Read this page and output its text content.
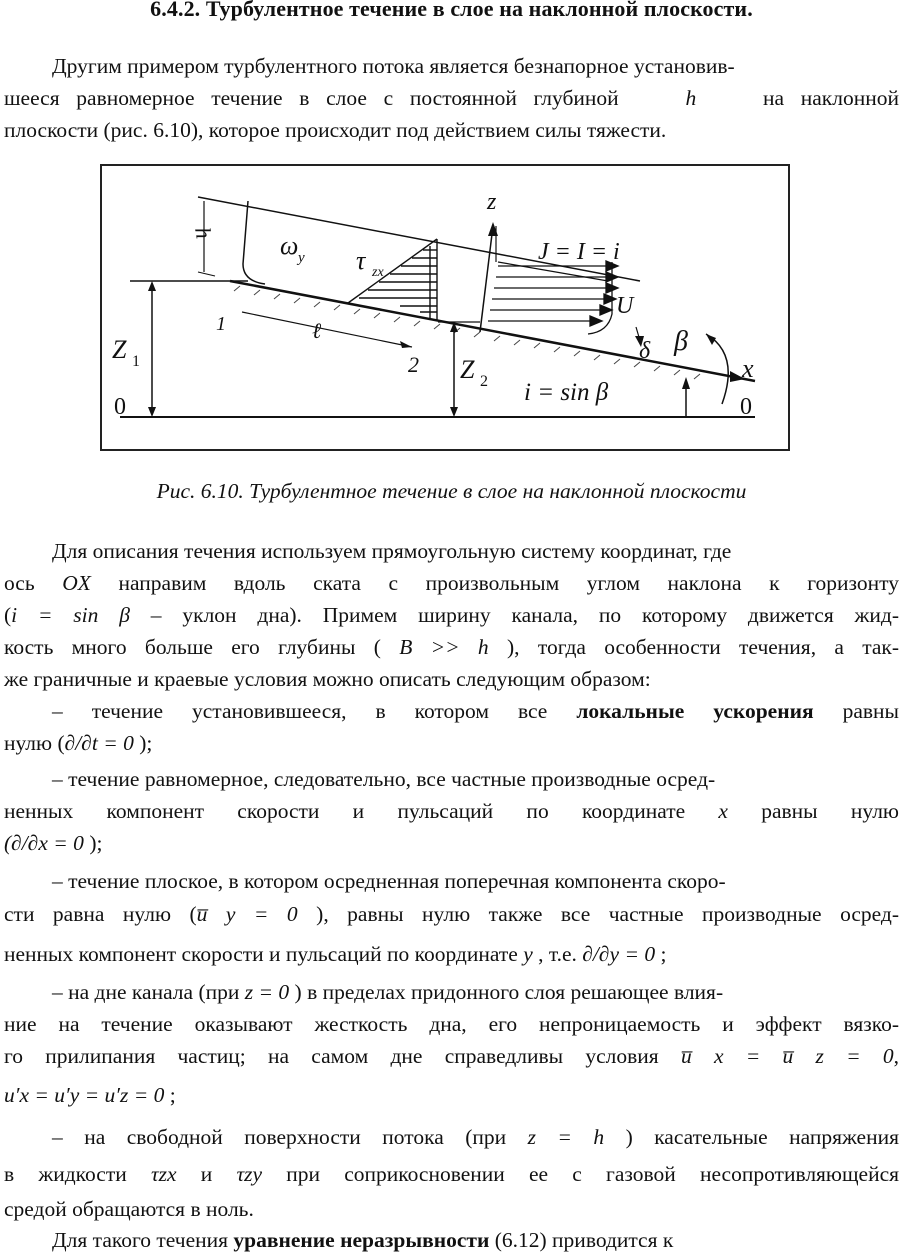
6.4.2. Турбулентное течение в слое на наклонной плоскости.

Другим примером турбулентного потока является безнапорное установив-

шееся равномерное течение в слое с постоянной глубиной	h	на наклонной

плоскости (рис. 6.10), которое происходит под действием силы тяжести.

z
ω y τ zx
h
J = I = i
U
δ β
x
0	0
Z 1	Z 2
1
2
ℓ
i = sin β
Рис. 6.10. Турбулентное течение в слое на наклонной плоскости

Для описания течения используем прямоугольную систему координат, где

ось OX направим вдоль ската с произвольным углом наклона к горизонту

(i = sin β – уклон дна). Примем ширину канала, по которому движется жид-

кость много больше его глубины ( B >> h ), тогда особенности течения, а так-

же граничные и краевые условия можно описать следующим образом:

– течение установившееся, в котором все локальные ускорения равны

нулю (∂/∂t = 0 );

– течение равномерное, следовательно, все частные производные осред-

ненных компонент скорости и пульсаций по координате x равны нулю

(∂/∂x = 0 );

– течение плоское, в котором осредненная поперечная компонента скоро-

сти равна нулю (u̅ y = 0 ), равны нулю также все частные производные осред-

ненных компонент скорости и пульсаций по координате y , т.е. ∂/∂y = 0 ;

– на дне канала (при z = 0 ) в пределах придонного слоя решающее влия-

ние на течение оказывают жесткость дна, его непроницаемость и эффект вязко-

го прилипания частиц; на самом дне справедливы условия u̅ x = u̅ z = 0,

u′x = u′y = u′z = 0 ;

– на свободной поверхности потока (при z = h ) касательные напряжения

в жидкости τzx и τzy при соприкосновении ее с газовой несопротивляющейся

средой обращаются в ноль.

Для такого течения уравнение неразрывности (6.12) приводится к
